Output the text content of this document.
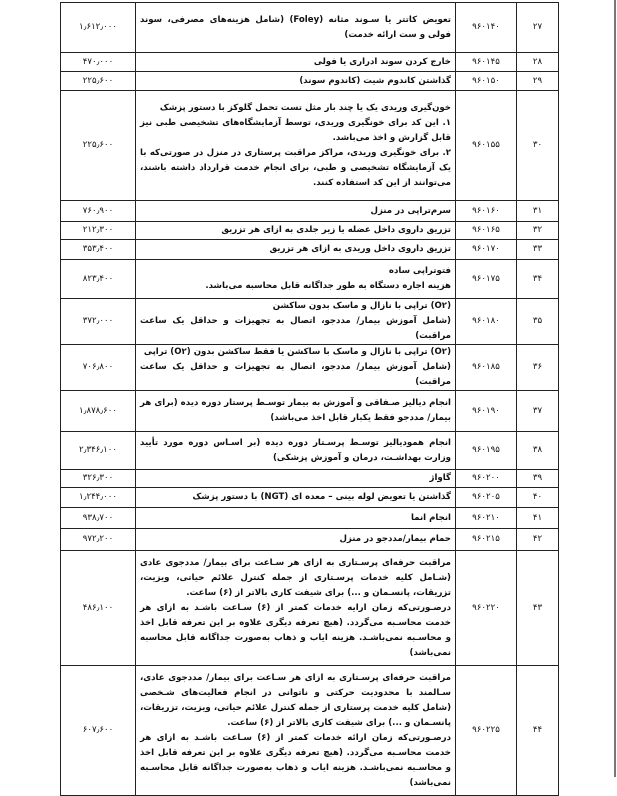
۲۷	۹۶۰۱۴۰	تعویض کاتتر یا سـوند مثانه (Foley) (شامل هزینه‌های مصرفی، سوند فولی و ست ارائه خدمت)	۱٫۶۱۲٫۰۰۰
۲۸	۹۶۰۱۴۵	خارج کردن سوند ادراری یا فولی	۴۷۰٫۰۰۰
۲۹	۹۶۰۱۵۰	گذاشتن کاندوم شیت (کاندوم سوند)	۲۲۵٫۶۰۰
۳۰	۹۶۰۱۵۵	خون‌گیری وریدی یک یا چند بار مثل تست تحمل گلوکز با دستور پزشک

۱. این کد برای خونگیری وریدی، توسط آزمایشگاه‌های تشخیصی طبی نیز قابل گزارش و اخذ می‌باشد.

۲. برای خونگیری وریدی، مراکز مراقبت پرستاری در منزل در صورتی‌که با یک آزمایشگاه تشخیصی و طبی، برای انجام خدمت قرارداد داشته باشند، می‌توانند از این کد استفاده کنند.	۲۲۵٫۶۰۰
۳۱	۹۶۰۱۶۰	سرم‌تراپی در منزل	۷۶۰٫۹۰۰
۳۲	۹۶۰۱۶۵	تزریق داروی داخل عضله یا زیر جلدی به ازای هر تزریق	۲۱۲٫۳۰۰
۳۳	۹۶۰۱۷۰	تزریق داروی داخل وریدی به ازای هر تزریق	۳۵۳٫۴۰۰
۳۴	۹۶۰۱۷۵	فتوتراپی ساده

هزینه اجاره دستگاه به طور جداگانه قابل محاسبه می‌باشد.	۸۲۳٫۴۰۰
۳۵	۹۶۰۱۸۰	(O۲) تراپی با نازال و ماسک بدون ساکشن

(شامل آموزش بیمار/ مددجو، اتصال به تجهیزات و حداقل یک ساعت مراقبت)	۳۷۲٫۰۰۰
۳۶	۹۶۰۱۸۵	(O۲) تراپی با نازال و ماسک با ساکشن یا فقط ساکشن بدون (O۲) تراپی

(شامل آموزش بیمار/ مددجو، اتصال به تجهیزات و حداقل یک ساعت مراقبت)	۷۰۶٫۸۰۰
۳۷	۹۶۰۱۹۰	انجام دیالیز صـفاقی و آموزش به بیمار توسـط پرستار دوره دیده (برای هر بیمار/ مددجو فقط یکبار قابل اخذ می‌باشد)	۱٫۸۷۸٫۶۰۰
۳۸	۹۶۰۱۹۵	انجام همودیالیز توسـط پرسـتار دوره دیده (بر اسـاس دوره مورد تأیید وزارت بهداشـت، درمان و آموزش پزشکی)	۲٫۳۴۶٫۱۰۰
۳۹	۹۶۰۲۰۰	گاواژ	۳۲۶٫۳۰۰
۴۰	۹۶۰۲۰۵	گذاشتن یا تعویض لوله بینی – معده ای (NGT) با دستور پزشک	۱٫۲۴۴٫۰۰۰
۴۱	۹۶۰۲۱۰	انجام انما	۹۳۸٫۷۰۰
۴۲	۹۶۰۲۱۵	حمام بیمار/مددجو در منزل	۹۷۲٫۲۰۰
۴۳	۹۶۰۲۲۰	مراقبت حرفه‌ای پرسـتاری به ازای هر سـاعت برای بیمار/ مددجوی عادی (شـامل کلیه خدمات پرسـتاری از جمله کنترل علائم حیاتی، ویزیت، تزریقات، پانسـمان و ...) برای شیفت کاری بالاتر از (۶) ساعت.

درصـورتی‌که زمان ارایه خدمات کمتر از (۶) سـاعت باشـد به ازای هر خدمت محاسـبه می‌گردد. (هیچ تعرفه دیگری علاوه بر این تعرفه قابل اخذ و محاسـبه نمی‌باشـد. هزینه ایاب و ذهاب به‌صورت جداگانه قابل محاسبه نمی‌باشد)	۴۸۶٫۱۰۰
۴۴	۹۶۰۲۲۵	مراقبت حرفه‌ای پرسـتاری به ازای هر سـاعت برای بیمار/ مددجوی عادی، سـالمند با محدودیت حرکتی و ناتوانی در انجام فعالیت‌های شـخصی (شامل کلیه خدمت پرستاری از جمله کنترل علائم حیاتی، ویزیت، تزریقات، پانسـمان و ...) برای شیفت کاری بالاتر از (۶) ساعت.

درصـورتی‌که زمان ارائه خدمات کمتر از (۶) سـاعت باشـد به ازای هر خدمت محاسـبه می‌گردد. (هیچ تعرفه دیگری علاوه بر این تعرفه قابل اخذ و محاسـبه نمی‌باشـد. هزینه ایاب و ذهاب به‌صورت جداگانه قابل محاسـبه نمی‌باشد)	۶۰۷٫۶۰۰
